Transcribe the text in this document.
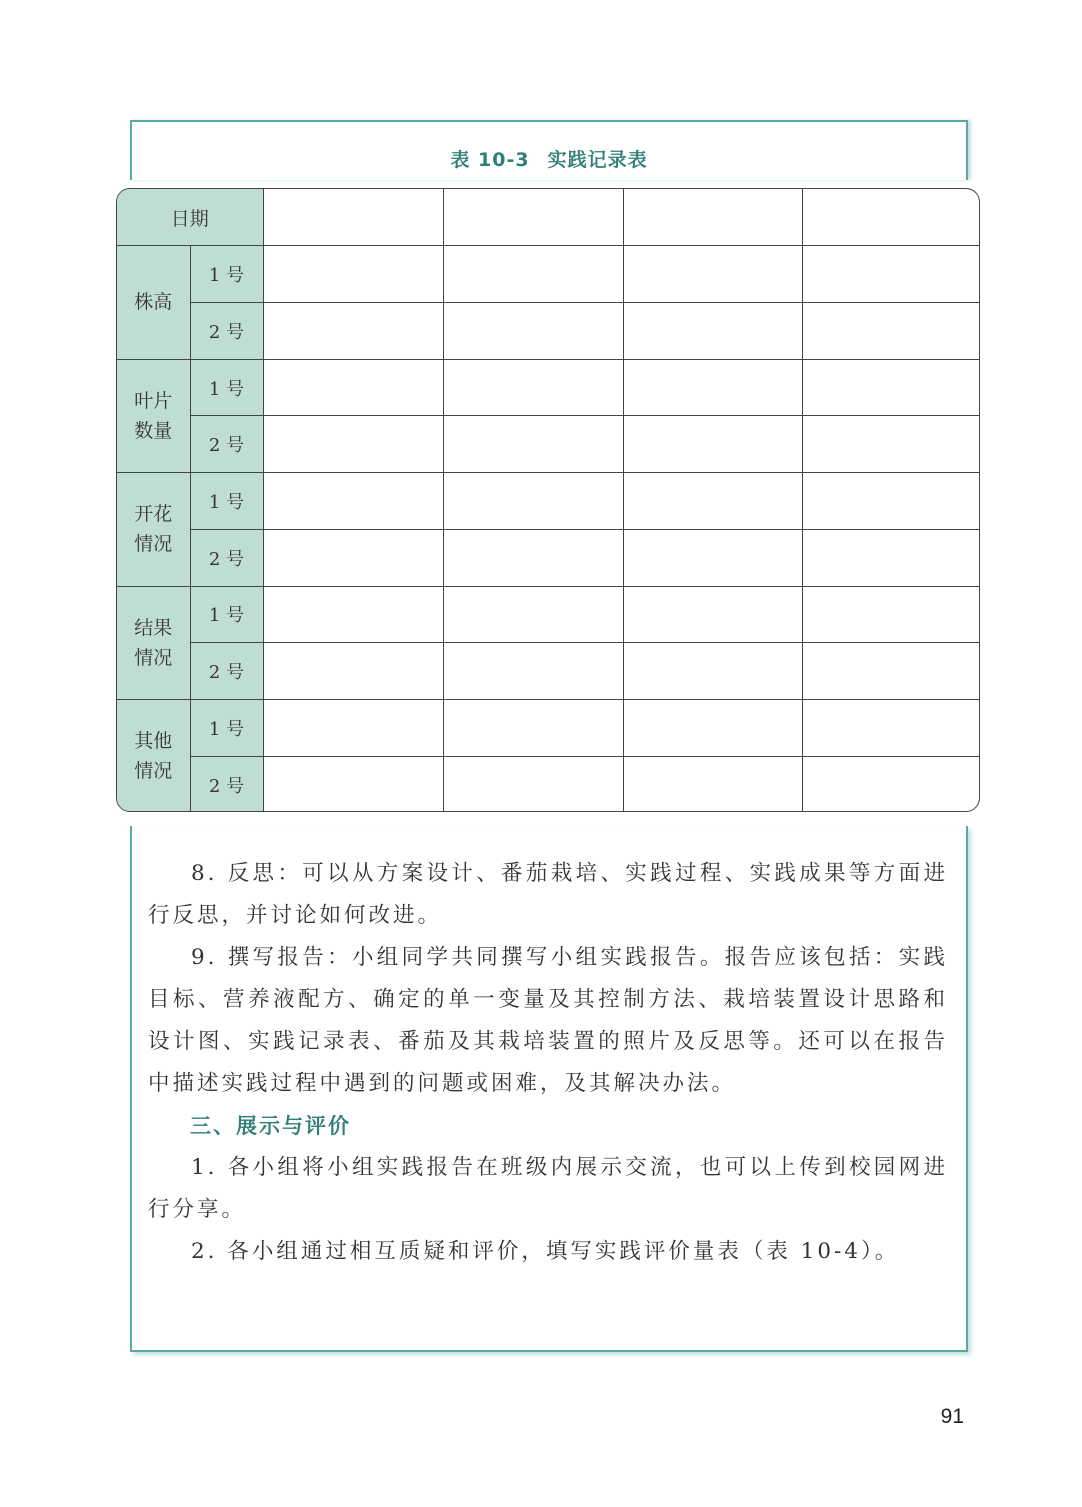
表 10-3 实践记录表
日期					
株高	1 号				
	2 号				
叶片
数量	1 号				
	2 号				
开花
情况	1 号				
	2 号				
结果
情况	1 号				
	2 号				
其他
情况	1 号				
	2 号				

8. 反思：可以从方案设计、番茄栽培、实践过程、实践成果等方面进行反思，并讨论如何改进。

9. 撰写报告：小组同学共同撰写小组实践报告。报告应该包括：实践目标、营养液配方、确定的单一变量及其控制方法、栽培装置设计思路和设计图、实践记录表、番茄及其栽培装置的照片及反思等。还可以在报告中描述实践过程中遇到的问题或困难，及其解决办法。

三、展示与评价

1. 各小组将小组实践报告在班级内展示交流，也可以上传到校园网进行分享。

2. 各小组通过相互质疑和评价，填写实践评价量表（表 10-4）。

91
